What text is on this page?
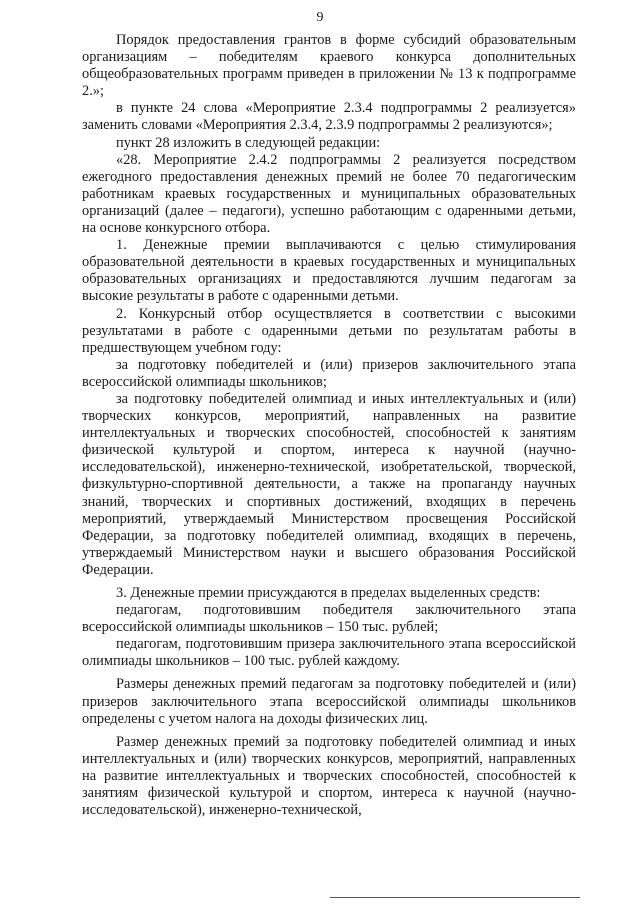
9

Порядок предоставления грантов в форме субсидий образовательным организациям – победителям краевого конкурса дополнительных общеобразовательных программ приведен в приложении № 13 к подпрограмме 2.»;

в пункте 24 слова «Мероприятие 2.3.4 подпрограммы 2 реализуется» заменить словами «Мероприятия 2.3.4, 2.3.9 подпрограммы 2 реализуются»;

пункт 28 изложить в следующей редакции:

«28. Мероприятие 2.4.2 подпрограммы 2 реализуется посредством ежегодного предоставления денежных премий не более 70 педагогическим работникам краевых государственных и муниципальных образовательных организаций (далее – педагоги), успешно работающим с одаренными детьми, на основе конкурсного отбора.

1. Денежные премии выплачиваются с целью стимулирования образовательной деятельности в краевых государственных и муниципальных образовательных организациях и предоставляются лучшим педагогам за высокие результаты в работе с одаренными детьми.

2. Конкурсный отбор осуществляется в соответствии с высокими результатами в работе с одаренными детьми по результатам работы в предшествующем учебном году:

за подготовку победителей и (или) призеров заключительного этапа всероссийской олимпиады школьников;

за подготовку победителей олимпиад и иных интеллектуальных и (или) творческих конкурсов, мероприятий, направленных на развитие интеллектуальных и творческих способностей, способностей к занятиям физической культурой и спортом, интереса к научной (научно-исследовательской), инженерно-технической, изобретательской, творческой, физкультурно-спортивной деятельности, а также на пропаганду научных знаний, творческих и спортивных достижений, входящих в перечень мероприятий, утверждаемый Министерством просвещения Российской Федерации, за подготовку победителей олимпиад, входящих в перечень, утверждаемый Министерством науки и высшего образования Российской Федерации.

3. Денежные премии присуждаются в пределах выделенных средств:

педагогам, подготовившим победителя заключительного этапа всероссийской олимпиады школьников – 150 тыс. рублей;

педагогам, подготовившим призера заключительного этапа всероссийской олимпиады школьников – 100 тыс. рублей каждому.

Размеры денежных премий педагогам за подготовку победителей и (или) призеров заключительного этапа всероссийской олимпиады школьников определены с учетом налога на доходы физических лиц.

Размер денежных премий за подготовку победителей олимпиад и иных интеллектуальных и (или) творческих конкурсов, мероприятий, направленных на развитие интеллектуальных и творческих способностей, способностей к занятиям физической культурой и спортом, интереса к научной (научно-исследовательской), инженерно-технической,
